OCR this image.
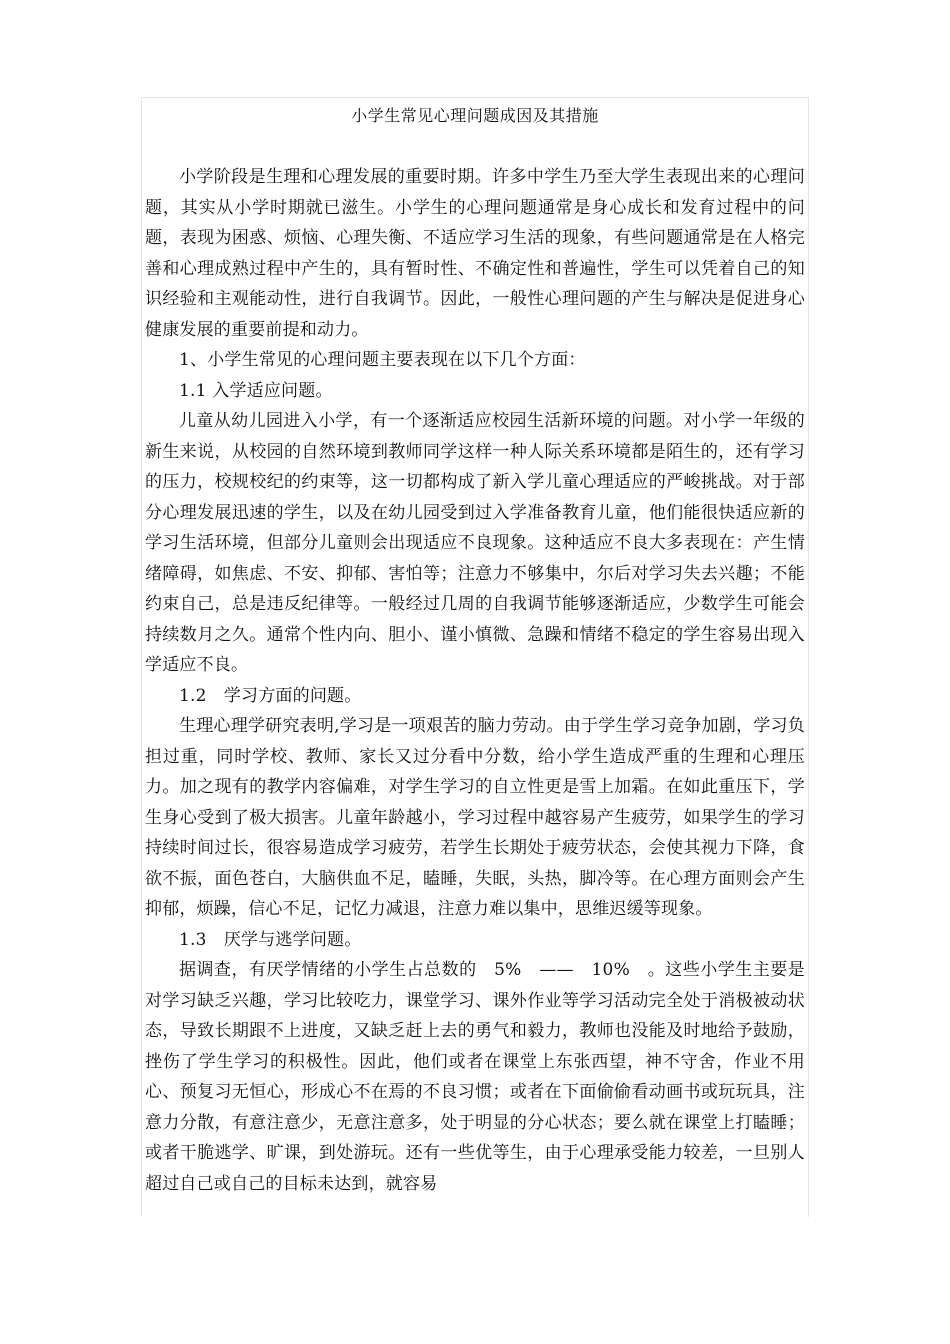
小学生常见心理问题成因及其措施

小学阶段是生理和心理发展的重要时期。许多中学生乃至大学生表现出来的心理问题，其实从小学时期就已滋生。小学生的心理问题通常是身心成长和发育过程中的问题，表现为困惑、烦恼、心理失衡、不适应学习生活的现象，有些问题通常是在人格完善和心理成熟过程中产生的，具有暂时性、不确定性和普遍性，学生可以凭着自己的知识经验和主观能动性，进行自我调节。因此，一般性心理问题的产生与解决是促进身心健康发展的重要前提和动力。

1、小学生常见的心理问题主要表现在以下几个方面：

1.1 入学适应问题。

儿童从幼儿园进入小学，有一个逐渐适应校园生活新环境的问题。对小学一年级的新生来说，从校园的自然环境到教师同学这样一种人际关系环境都是陌生的，还有学习的压力，校规校纪的约束等，这一切都构成了新入学儿童心理适应的严峻挑战。对于部分心理发展迅速的学生，以及在幼儿园受到过入学准备教育儿童，他们能很快适应新的学习生活环境，但部分儿童则会出现适应不良现象。这种适应不良大多表现在：产生情绪障碍，如焦虑、不安、抑郁、害怕等；注意力不够集中，尔后对学习失去兴趣；不能约束自己，总是违反纪律等。一般经过几周的自我调节能够逐渐适应，少数学生可能会持续数月之久。通常个性内向、胆小、谨小慎微、急躁和情绪不稳定的学生容易出现入学适应不良。

1.2　学习方面的问题。

生理心理学研究表明,学习是一项艰苦的脑力劳动。由于学生学习竞争加剧，学习负担过重，同时学校、教师、家长又过分看中分数，给小学生造成严重的生理和心理压力。加之现有的教学内容偏难，对学生学习的自立性更是雪上加霜。在如此重压下，学生身心受到了极大损害。儿童年龄越小，学习过程中越容易产生疲劳，如果学生的学习持续时间过长，很容易造成学习疲劳，若学生长期处于疲劳状态，会使其视力下降，食欲不振，面色苍白，大脑供血不足，瞌睡，失眠，头热，脚冷等。在心理方面则会产生抑郁，烦躁，信心不足，记忆力减退，注意力难以集中，思维迟缓等现象。

1.3　厌学与逃学问题。

据调查，有厌学情绪的小学生占总数的　5%　——　10%　。这些小学生主要是对学习缺乏兴趣，学习比较吃力，课堂学习、课外作业等学习活动完全处于消极被动状态，导致长期跟不上进度，又缺乏赶上去的勇气和毅力，教师也没能及时地给予鼓励，挫伤了学生学习的积极性。因此，他们或者在课堂上东张西望，神不守舍，作业不用心、预复习无恒心，形成心不在焉的不良习惯；或者在下面偷偷看动画书或玩玩具，注意力分散，有意注意少，无意注意多，处于明显的分心状态；要么就在课堂上打瞌睡；或者干脆逃学、旷课，到处游玩。还有一些优等生，由于心理承受能力较差，一旦别人超过自己或自己的目标未达到，就容易
